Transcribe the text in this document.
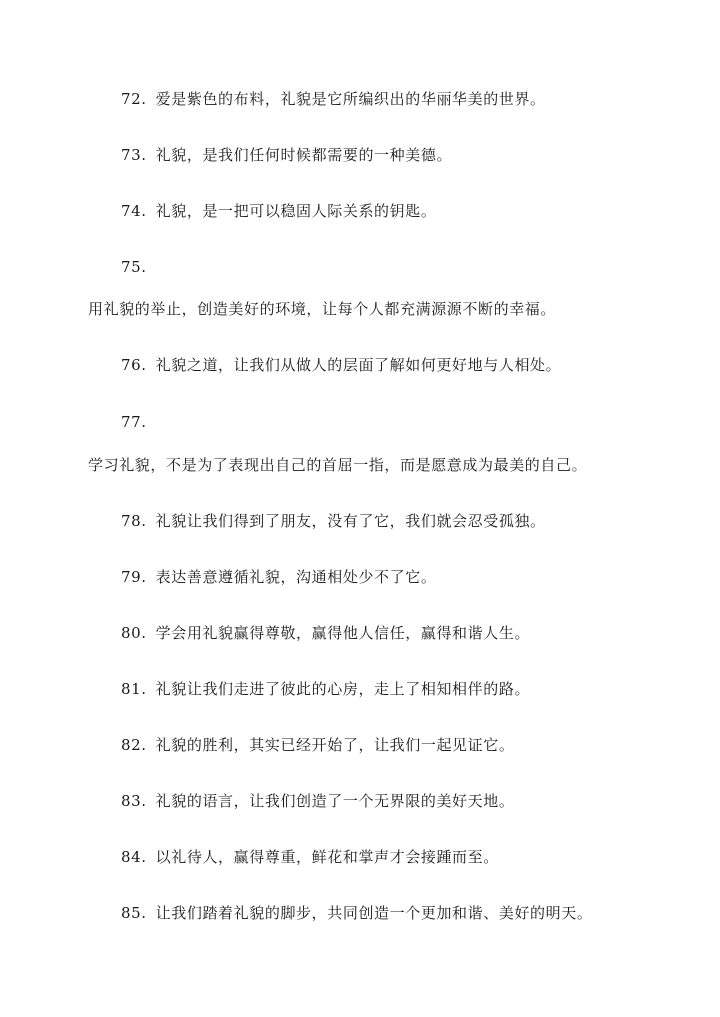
72. 爱是紫色的布料，礼貌是它所编织出的华丽华美的世界。
73. 礼貌，是我们任何时候都需要的一种美德。
74. 礼貌，是一把可以稳固人际关系的钥匙。
75.
用礼貌的举止，创造美好的环境，让每个人都充满源源不断的幸福。
76. 礼貌之道，让我们从做人的层面了解如何更好地与人相处。
77.
学习礼貌，不是为了表现出自己的首屈一指，而是愿意成为最美的自己。
78. 礼貌让我们得到了朋友，没有了它，我们就会忍受孤独。
79. 表达善意遵循礼貌，沟通相处少不了它。
80. 学会用礼貌赢得尊敬，赢得他人信任，赢得和谐人生。
81. 礼貌让我们走进了彼此的心房，走上了相知相伴的路。
82. 礼貌的胜利，其实已经开始了，让我们一起见证它。
83. 礼貌的语言，让我们创造了一个无界限的美好天地。
84. 以礼待人，赢得尊重，鲜花和掌声才会接踵而至。
85. 让我们踏着礼貌的脚步，共同创造一个更加和谐、美好的明天。
